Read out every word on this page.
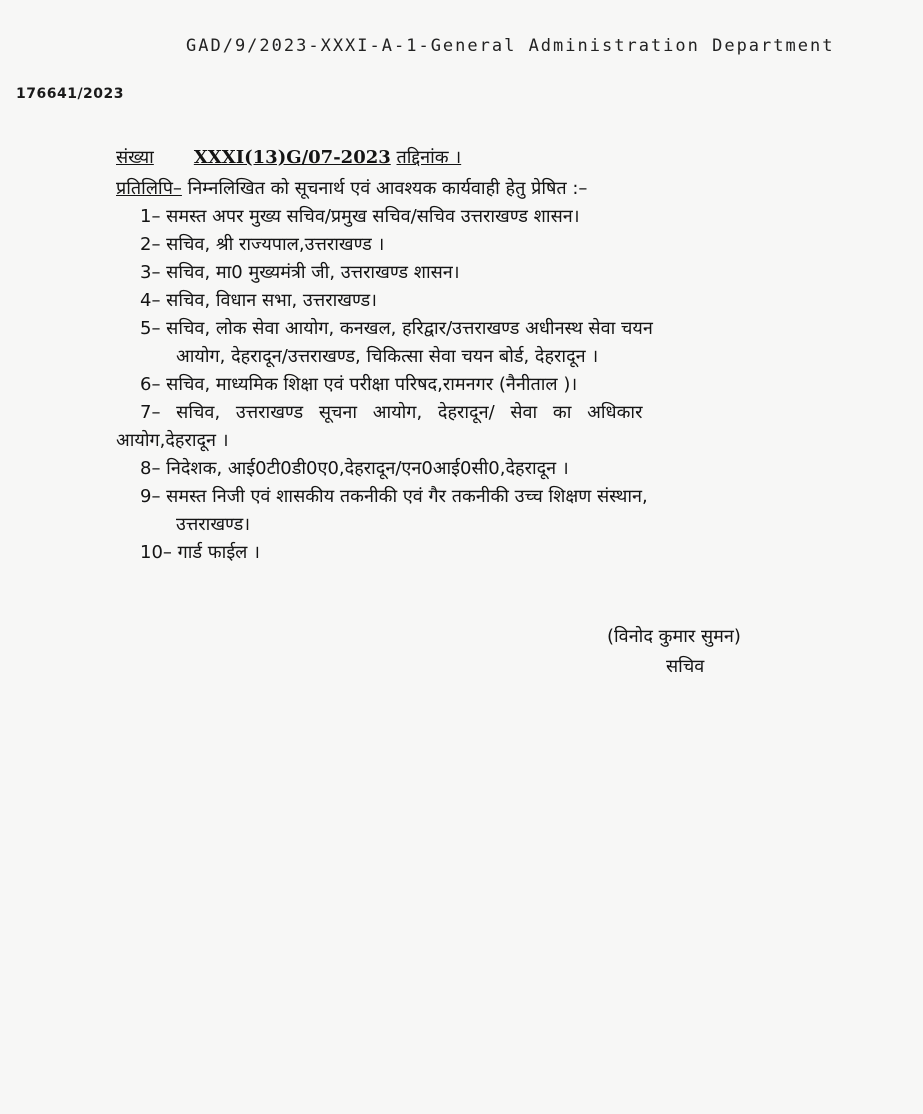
GAD/9/2023-XXXI-A-1-General Administration Department
176641/2023
संख्या XXXI(13)G/07-2023 तद्दिनांक ।
प्रतिलिपि– निम्नलिखित को सूचनार्थ एवं आवश्यक कार्यवाही हेतु प्रेषित :–
1– समस्त अपर मुख्य सचिव/प्रमुख सचिव/सचिव उत्तराखण्ड शासन।
2– सचिव, श्री राज्यपाल,उत्तराखण्ड ।
3– सचिव, मा0 मुख्यमंत्री जी, उत्तराखण्ड शासन।
4– सचिव, विधान सभा, उत्तराखण्ड।
5– सचिव, लोक सेवा आयोग, कनखल, हरिद्वार/उत्तराखण्ड अधीनस्थ सेवा चयन
आयोग, देहरादून/उत्तराखण्ड, चिकित्सा सेवा चयन बोर्ड, देहरादून ।
6– सचिव, माध्यमिक शिक्षा एवं परीक्षा परिषद,रामनगर (नैनीताल )।
7– सचिव, उत्तराखण्ड सूचना आयोग, देहरादून/ सेवा का अधिकार
आयोग,देहरादून ।
8– निदेशक, आई0टी0डी0ए0,देहरादून/एन0आई0सी0,देहरादून ।
9– समस्त निजी एवं शासकीय तकनीकी एवं गैर तकनीकी उच्च शिक्षण संस्थान,
उत्तराखण्ड।
10– गार्ड फाईल ।
(विनोद कुमार सुमन)
सचिव
